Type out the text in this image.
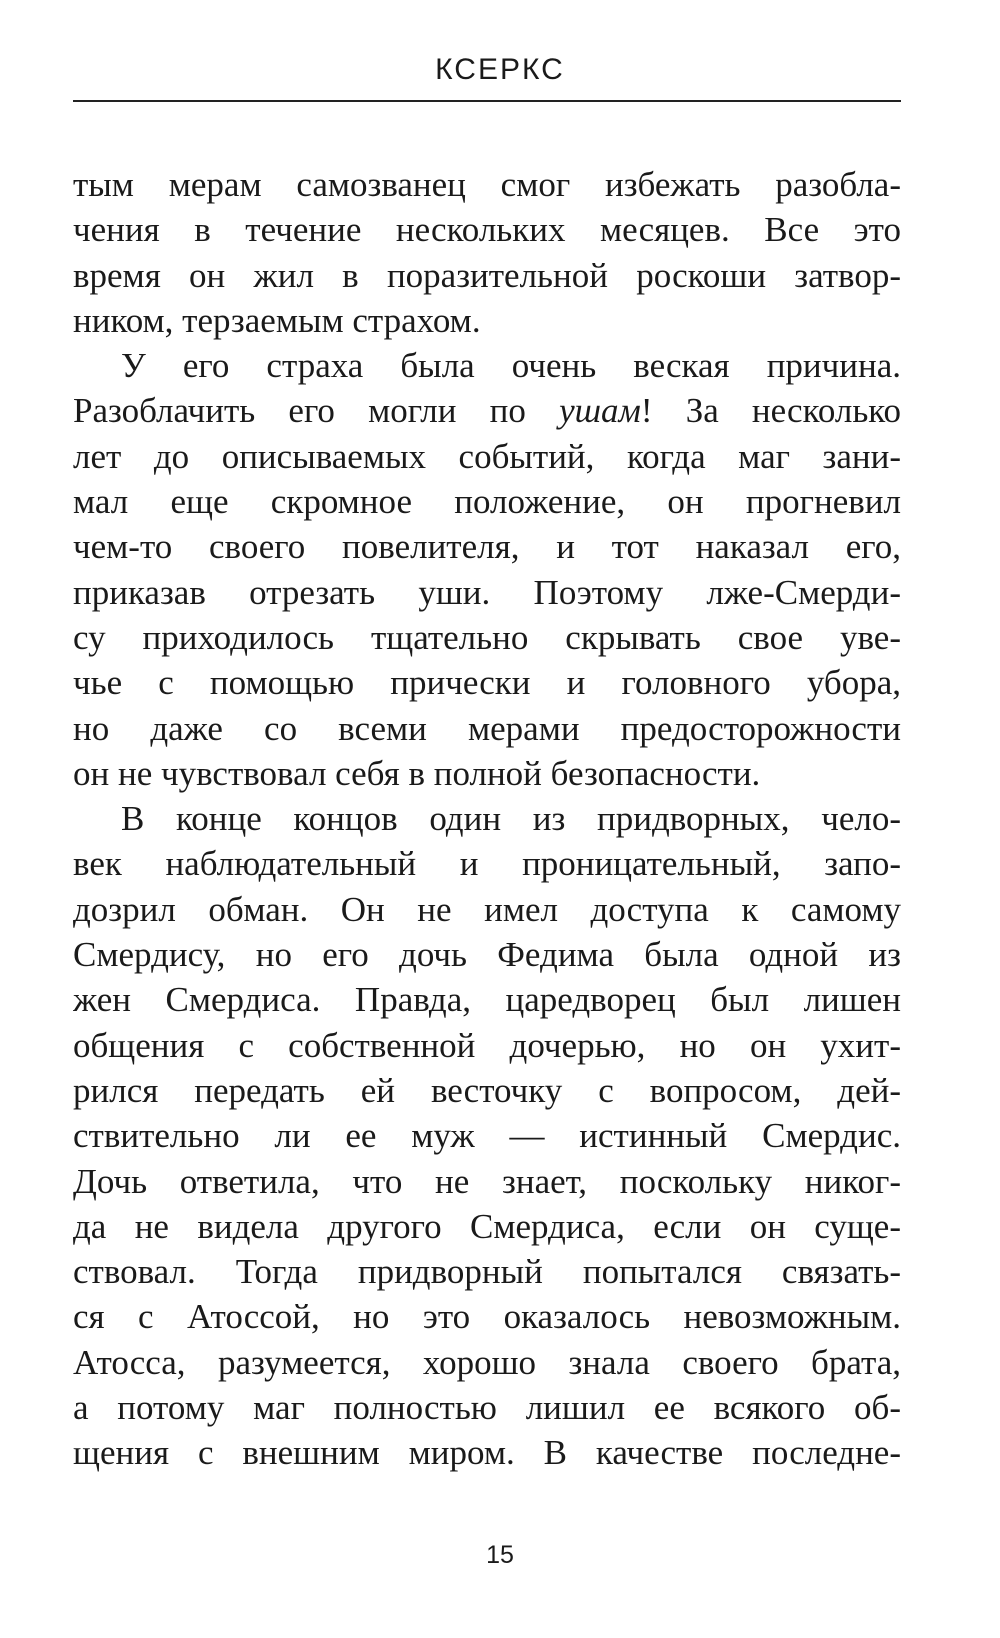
КСЕРКС
тым мерам самозванец смог избежать разобла-
чения в течение нескольких месяцев. Все это
время он жил в поразительной роскоши затвор-
ником, терзаемым страхом.
У его страха была очень веская причина.
Разоблачить его могли по ушам! За несколько
лет до описываемых событий, когда маг зани-
мал еще скромное положение, он прогневил
чем-то своего повелителя, и тот наказал его,
приказав отрезать уши. Поэтому лже-Смерди-
су приходилось тщательно скрывать свое уве-
чье с помощью прически и головного убора,
но даже со всеми мерами предосторожности
он не чувствовал себя в полной безопасности.
В конце концов один из придворных, чело-
век наблюдательный и проницательный, запо-
дозрил обман. Он не имел доступа к самому
Смердису, но его дочь Федима была одной из
жен Смердиса. Правда, царедворец был лишен
общения с собственной дочерью, но он ухит-
рился передать ей весточку с вопросом, дей-
ствительно ли ее муж — истинный Смердис.
Дочь ответила, что не знает, поскольку никог-
да не видела другого Смердиса, если он суще-
ствовал. Тогда придворный попытался связать-
ся с Атоссой, но это оказалось невозможным.
Атосса, разумеется, хорошо знала своего брата,
а потому маг полностью лишил ее всякого об-
щения с внешним миром. В качестве последне-
15
